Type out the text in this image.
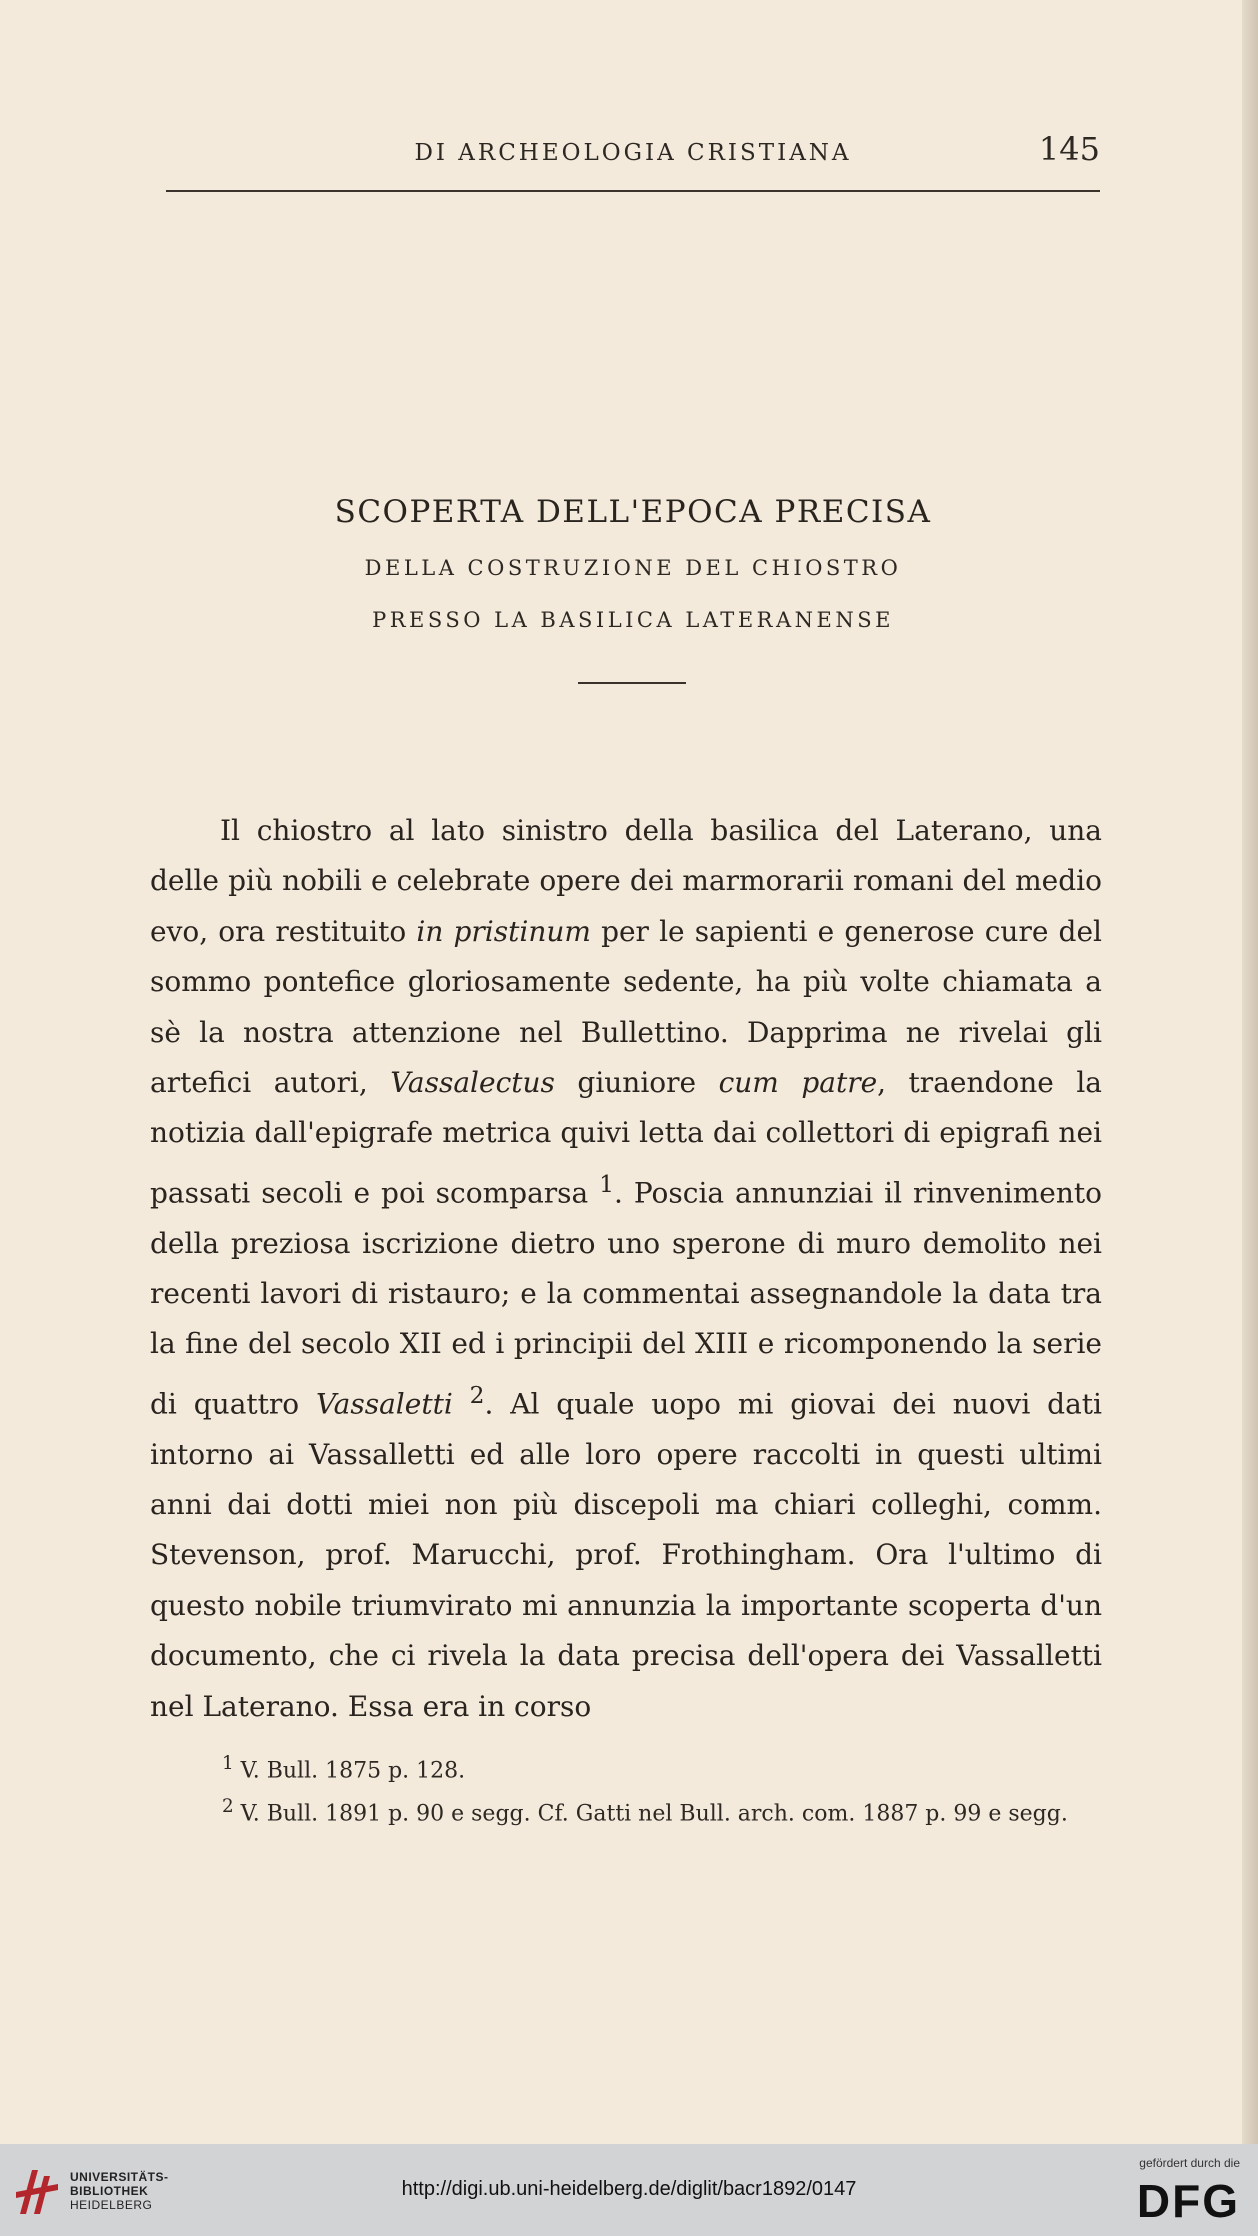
DI ARCHEOLOGIA CRISTIANA	145
SCOPERTA DELL'EPOCA PRECISA
DELLA COSTRUZIONE DEL CHIOSTRO
PRESSO LA BASILICA LATERANENSE

Il chiostro al lato sinistro della basilica del Laterano, una delle più nobili e celebrate opere dei marmorarii romani del medio evo, ora restituito in pristinum per le sapienti e generose cure del sommo pontefice gloriosamente sedente, ha più volte chiamata a sè la nostra attenzione nel Bullettino. Dapprima ne rivelai gli artefici autori, Vassalectus giuniore cum patre, traendone la notizia dall'epigrafe metrica quivi letta dai collettori di epigrafi nei passati secoli e poi scomparsa $^1$. Poscia annunziai il rinvenimento della preziosa iscrizione dietro uno sperone di muro demolito nei recenti lavori di ristauro; e la commentai assegnandole la data tra la fine del secolo XII ed i principii del XIII e ricomponendo la serie di quattro Vassaletti $^2$. Al quale uopo mi giovai dei nuovi dati intorno ai Vassalletti ed alle loro opere raccolti in questi ultimi anni dai dotti miei non più discepoli ma chiari colleghi, comm. Stevenson, prof. Marucchi, prof. Frothingham. Ora l'ultimo di questo nobile triumvirato mi annunzia la importante scoperta d'un documento, che ci rivela la data precisa dell'opera dei Vassalletti nel Laterano. Essa era in corso

$^1$ V. Bull. 1875 p. 128.
$^2$ V. Bull. 1891 p. 90 e segg. Cf. Gatti nel Bull. arch. com. 1887 p. 99 e segg.
UNIVERSITÄTS-
BIBLIOTHEK
HEIDELBERG
http://digi.ub.uni-heidelberg.de/diglit/bacr1892/0147
gefördert durch die
DFG
